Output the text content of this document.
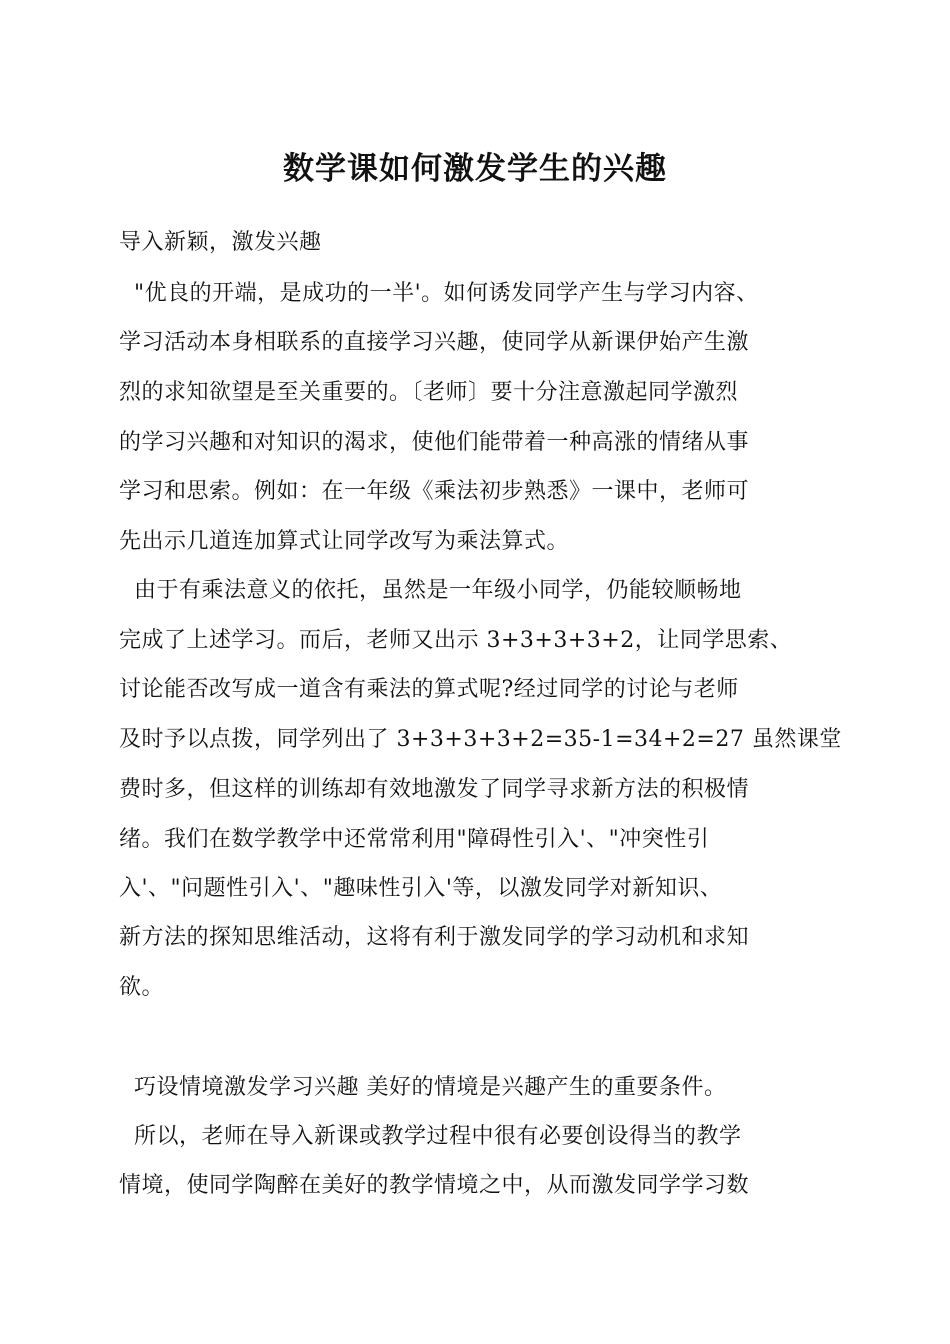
数学课如何激发学生的兴趣
导入新颖，激发兴趣
"优良的开端，是成功的一半'。如何诱发同学产生与学习内容、
学习活动本身相联系的直接学习兴趣，使同学从新课伊始产生激
烈的求知欲望是至关重要的。〔老师〕要十分注意激起同学激烈
的学习兴趣和对知识的渴求，使他们能带着一种高涨的情绪从事
学习和思索。例如：在一年级《乘法初步熟悉》一课中，老师可
先出示几道连加算式让同学改写为乘法算式。
由于有乘法意义的依托，虽然是一年级小同学，仍能较顺畅地
完成了上述学习。而后，老师又出示 3+3+3+3+2，让同学思索、
讨论能否改写成一道含有乘法的算式呢?经过同学的讨论与老师
及时予以点拨，同学列出了 3+3+3+3+2=35-1=34+2=27 虽然课堂
费时多，但这样的训练却有效地激发了同学寻求新方法的积极情
绪。我们在数学教学中还常常利用"障碍性引入'、"冲突性引
入'、"问题性引入'、"趣味性引入'等，以激发同学对新知识、
新方法的探知思维活动，这将有利于激发同学的学习动机和求知
欲。
巧设情境激发学习兴趣 美好的情境是兴趣产生的重要条件。
所以，老师在导入新课或教学过程中很有必要创设得当的教学
情境，使同学陶醉在美好的教学情境之中，从而激发同学学习数
